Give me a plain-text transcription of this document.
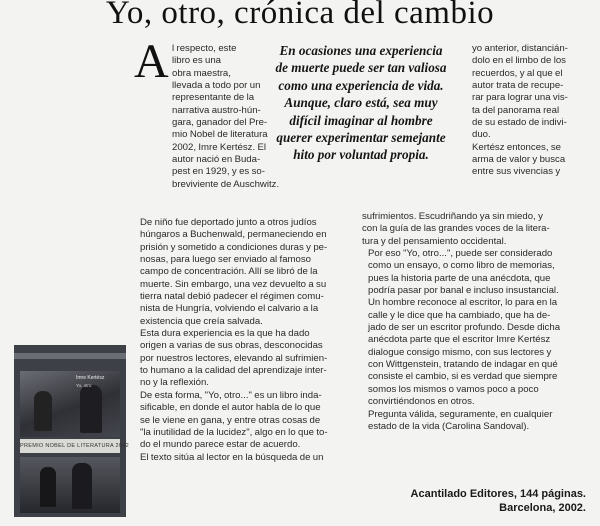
Yo, otro, crónica del cambio
A l respecto, este
libro es una
obra maestra,
llevada a todo por un
representante de la
narrativa austro-hún-
gara, ganador del Pre-
mio Nobel de literatura
2002, Imre Kertész. El
autor nació en Buda-
pest en 1929, y es so-
breviviente de Auschwitz.
En ocasiones una experiencia
de muerte puede ser tan valiosa
como una experiencia de vida.
Aunque, claro está, sea muy
difícil imaginar al hombre
querer experimentar semejante
hito por voluntad propia.
yo anterior, distancián-
dolo en el limbo de los
recuerdos, y al que el
autor trata de recupe-
rar para lograr una vis-
ta del panorama real
de su estado de indivi-
duo.
Kertész entonces, se
arma de valor y busca
entre sus vivencias y

De niño fue deportado junto a otros judíos
húngaros a Buchenwald, permaneciendo en
prisión y sometido a condiciones duras y pe-
nosas, para luego ser enviado al famoso
campo de concentración. Allí se libró de la
muerte. Sin embargo, una vez devuelto a su
tierra natal debió padecer el régimen comu-
nista de Hungría, volviendo el calvario a la
existencia que creía salvada.

Esta dura experiencia es la que ha dado
origen a varias de sus obras, desconocidas
por nuestros lectores, elevando al sufrimien-
to humano a la calidad del aprendizaje inter-
no y la reflexión.

De esta forma, "Yo, otro..." es un libro inda-
sificable, en donde el autor habla de lo que
se le viene en gana, y entre otras cosas de
"la inutilidad de la lucidez", algo en lo que to-
do el mundo parece estar de acuerdo.

El texto sitúa al lector en la búsqueda de un

sufrimientos. Escudriñando ya sin miedo, y
con la guía de las grandes voces de la litera-
tura y del pensamiento occidental.

Por eso "Yo, otro...", puede ser considerado
como un ensayo, o como libro de memorias,
pues la historia parte de una anécdota, que
podría pasar por banal e incluso insustancial.
Un hombre reconoce al escritor, lo para en la
calle y le dice que ha cambiado, que ha de-
jado de ser un escritor profundo. Desde dicha
anécdota parte que el escritor Imre Kertész
dialogue consigo mismo, con sus lectores y
con Wittgenstein, tratando de indagar en qué
consiste el cambio, si es verdad que siempre
somos los mismos o vamos poco a poco
convirtiéndonos en otros.

Pregunta válida, seguramente, en cualquier
estado de la vida (Carolina Sandoval).

Imre Kertész
Yo, otro
PREMIO NOBEL DE LITERATURA 2002
Acantilado Editores, 144 páginas.
Barcelona, 2002.
